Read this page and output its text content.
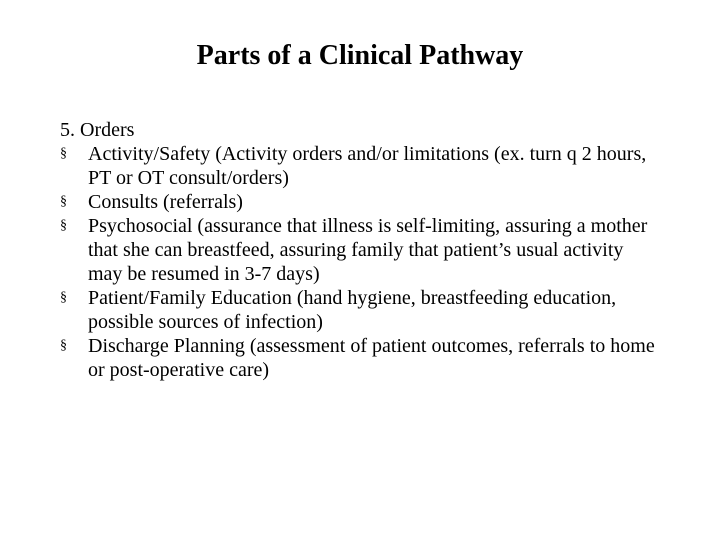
Parts of a Clinical Pathway
5. Orders
§	Activity/Safety (Activity orders and/or limitations (ex. turn q 2 hours, PT or OT consult/orders)
§	Consults (referrals)
§	Psychosocial (assurance that illness is self-limiting, assuring a mother that she can breastfeed, assuring family that patient’s usual activity may be resumed in 3-7 days)
§	Patient/Family Education (hand hygiene, breastfeeding education, possible sources of infection)
§	Discharge Planning (assessment of patient outcomes, referrals to home or post-operative care)
